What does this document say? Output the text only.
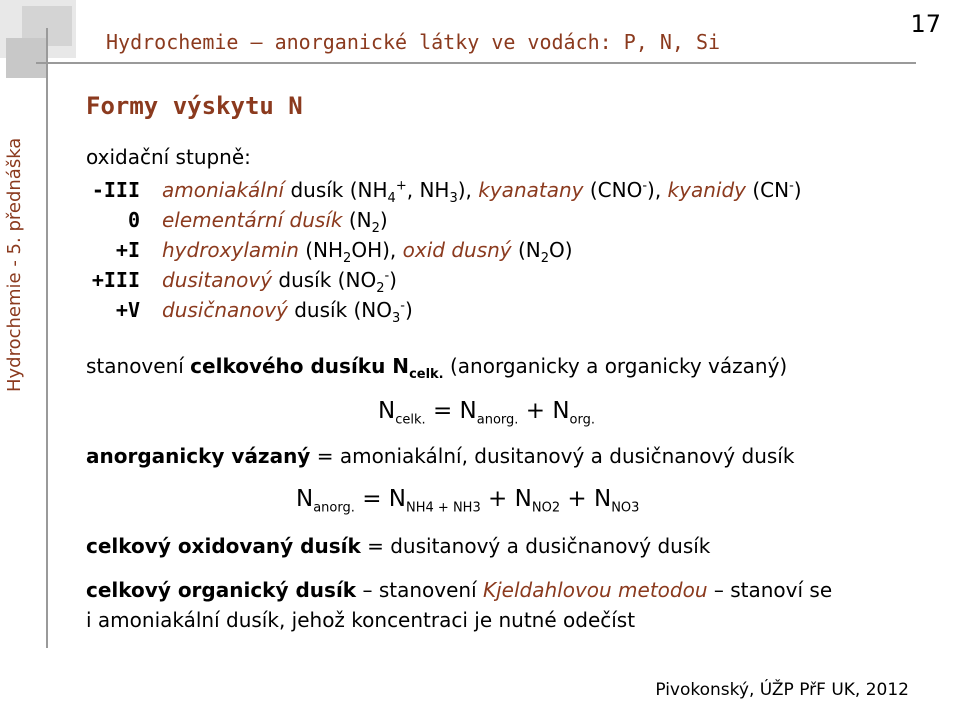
Hydrochemie - 5. přednáška
Hydrochemie – anorganické látky ve vodách: P, N, Si
17
Formy výskytu N
oxidační stupně:
-III amoniakální dusík ($NH_4^+$, $NH_3$), kyanatany (CNO-), kyanidy (CN-)
0 elementární dusík $(N_2)$
+I hydroxylamin $(NH_2OH)$, oxid dusný $(N_2O)$
+III dusitanový dusík $(NO_2^-)$
+V dusičnanový dusík $(NO_3^-)$
stanovení celkového dusíku $N_{celk.}$ (anorganicky a organicky vázaný)
$N_{celk.} = N_{anorg.} + N_{org.}$
anorganicky vázaný = amoniakální, dusitanový a dusičnanový dusík
$N_{anorg.} = N_{NH4 + NH3} + N_{NO2} + N_{NO3}$
celkový oxidovaný dusík = dusitanový a dusičnanový dusík
celkový organický dusík – stanovení Kjeldahlovou metodou – stanoví se
i amoniakální dusík, jehož koncentraci je nutné odečíst
Pivokonský, ÚŽP PřF UK, 2012
